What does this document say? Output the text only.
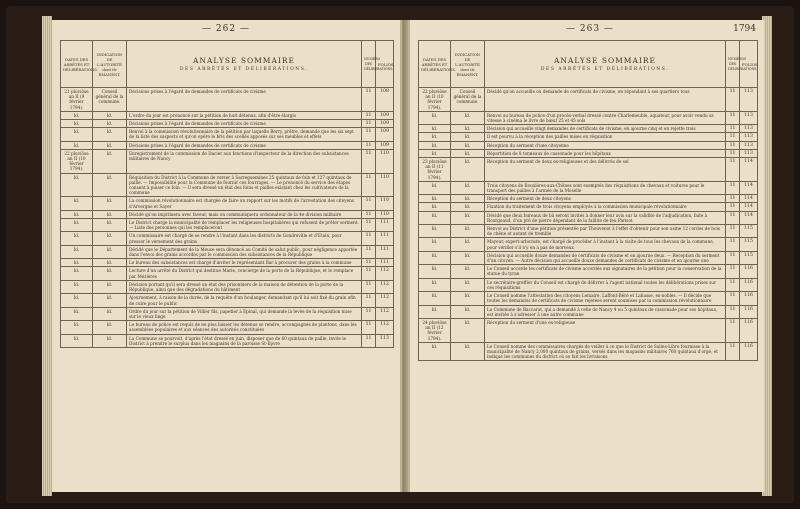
— 262 —
DATES DES ARRÊTÉS ET DÉLIBÉRATIONS.	INDICATION DE L'AUTORITÉ dont ils ÉMANENT.	ANALYSE SOMMAIRE
DES ARRÊTÉS ET DÉLIBÉRATIONS.	NUMÉRO DES DÉLIBÉRATIONS.	FOLIOS.
21 pluviôse an II (9 février 1794).	Conseil général de la commune.	Décisions prises à l'égard de demandes de certificats de civisme	11	108
Id.	Id.	L'ordre du jour est prononcé sur la pétition de huit détenus, afin d'être élargis	11	109
Id.	Id.	Décisions prises à l'égard de demandes de certificats de civisme	11	109
Id.	Id.	Renvoi à la commission révolutionnaire de la pétition par laquelle Berry, prêtre, demande que les six sept de la liste des suspects et qu'on opère le bris des scellés apposés sur ses meubles et effets	11	109
Id.	Id.	Décisions prises à l'égard de demandes de certificats de civisme	11	109
22 pluviôse an II (10 février 1794).	Id.	Enregistrement de la commission de Dacier aux fonctions d'inspecteur de la direction des subsistances militaires de Nancy	11	110
Id.	Id.	Réquisition du District à la Commune de verser à Sarreguemines 25 quintaux de foin et 127 quintaux de paille. — Impossibilité pour la Commune de fournir ces fourrages. — Le prononcé du service des étapes consent à puiser ce foin. — Il sera dressé un état des foins et pailles existant chez les cultivateurs de la commune	11	110
Id.	Id.	La commission révolutionnaire est chargée de faire un rapport sur les motifs de l'arrestation des citoyens d'Arvergne et Sayer	11	110
Id.	Id.	Décidé qu'on imprimera avec faveur, mais on communiquera ordonnateur de la 4e division militaire	11	110
Id.	Id.	Le District charge la municipalité de remplacer les religieuses hospitalières qui refusent de prêter serment. — Liste des personnes qui les remplaceront	11	111
Id.	Id.	Un commissaire est chargé de se rendre à l'instant dans les districts de Gondreville et d'Etain, pour presser le versement des grains	11	111
Id.	Id.	Décidé que le Département de la Meuse sera dénoncé au Comité de salut public, pour négligence apportée dans l'envoi des grains accordés par le commission des subsistances de la République	11	111
Id.	Id.	Le bureau des subsistances est chargé d'inviter le représentant Bar à procurer des grains à la commune	11	111
Id.	Id.	Lecture d'un arrêté du District qui destitue Marie, concierge de la porte de la République, et le remplace par Mézières	11	112
Id.	Id.	Décision portant qu'il sera dressé un état des prisonniers de la maison de détention de la porte de la République, ainsi que des dégradations du bâtiment	11	112
Id.	Id.	Ajournement, à raison de la durée, de la requête d'un boulanger, demandant qu'il lui soit fixé du grain afin de cuire pour le public	11	112
Id.	Id.	Ordre du jour sur la pétition de Villier fils, papetier à Epinal, qui demande la levée de la réquisition mise sur le vieux linge	11	112
Id.	Id.	Le bureau de police est requis de ne plus laisser les détenus se rendre, accompagnés de plantons, dans les assemblées populaires et aux séances des autorités constituées	11	112
Id.	Id.	La Commune se pourvoit, d'après l'état dressé en juin, disposer que de 60 quintaux de paille, invite le District à prendre le surplus dans les magasins de la paroisse St-Epvre	11	113
— 263 —	1794
DATES DES ARRÊTÉS ET DÉLIBÉRATIONS.	INDICATION DE L'AUTORITÉ dont ils ÉMANENT.	ANALYSE SOMMAIRE
DES ARRÊTÉS ET DÉLIBÉRATIONS.	NUMÉROS DES DÉLIBÉRATIONS.	FOLIOS.
22 pluviôse an II (10 février 1794).	Conseil général de la commune.	Décidé qu'on accueille ou demande de certificats de civisme, en répondant à ses quartiers tous	11	113
Id.	Id.	Renvoi au bureau de police d'un procès-verbal dressé contre Charlemeuble, aquateur, pour avoir vendu sa vitesse à cinéma le livre de bœuf 25 et 45 sols	11	113
Id.	Id.	Décision qui accueille vingt demandes de certificats de civisme, en ajourne cinq et en rejette trois	11	113
Id.	Id.	Il est pourvu à la réception des pailles mises en réquisition	11	113
Id.	Id.	Réception du serment d'une citoyenne	11	113
Id.	Id.	Répartition de 8 tonneaux de cassonade pour les hôpitaux	11	113
23 pluviôse an II (11 février 1794).	Id.	Réception du serment de deux ex-religieuses et des délivrés de sel	11	114
Id.	Id.	Trois citoyens de Bouxières-aux-Chênes sont exemptés des réquisitions de chevaux et voitures pour le transport des pailles à l'armée de la Moselle	11	114
Id.	Id.	Réception du serment de deux citoyens	11	114
Id.	Id.	Fixation du traitement de trois citoyens employés à la commission municipale révolutionnaire	11	114
Id.	Id.	Décidé que deux bureaux de bâ seront invités à donner leur avis sur la validité de l'adjudication, faite à Bourgeaud, d'un pré de pierre dépendant de la faillite de feu Parisot	11	114
Id.	Id.	Renvoi au District d'une pétition présentée par Thouvenot à l'effet d'obtenir pour son usine 12 cordes de bois de chêne et autant de tremble	11	115
Id.	Id.	Mayeur, expert-arboriste, est chargé de procéder à l'instant à la visite de tous les chevaux de la commune, pour vérifier s'il n'y en a pas de morveux	11	115
Id.	Id.	Décision qui accueille douze demandes de certificats de civisme et en ajourne deux. — Réception du serment d'un citoyen. — Autre décision qui accueille douze demandes de certificats de civisme et en ajourne une	11	115
Id.	Id.	Le Conseil accorde les certificats de civisme accordés aux signataires de la pétition pour la conservation de la statue du tyran	11	116
Id.	Id.	Le secrétaire-greffier du Conseil est chargé de délivrer à l'agent national toutes les délibérations prises sur ces réquisitions	11	116
Id.	Id.	Le Conseil nomme l'attestation des citoyens Lemaire, Laffont-Béré et Lahasse, ex-nobles. — Il décide que toutes les demandes de certificats de civisme rejetées seront soumises par la commission révolutionnaire	11	116
Id.	Id.	La Commune de Baccarat, qui a demandé à celle de Nancy 4 ou 5 quintaux de cassonade pour ses hôpitaux, est invitée à s'adresser à une autre commune	11	116
24 pluviôse an II (12 février 1794).	Id.	Réception du serment d'une ex-religieuse	11	116
Id.	Id.	Le Conseil nomme des commissaires chargés de veiller à ce que le District de Salins-Libre fournisse à la municipalité de Nancy 2,000 quintaux de grains, versés dans les magasins militaires 760 quintaux d'orge, et indique les communes du district où se fait les livraisons	11	116
